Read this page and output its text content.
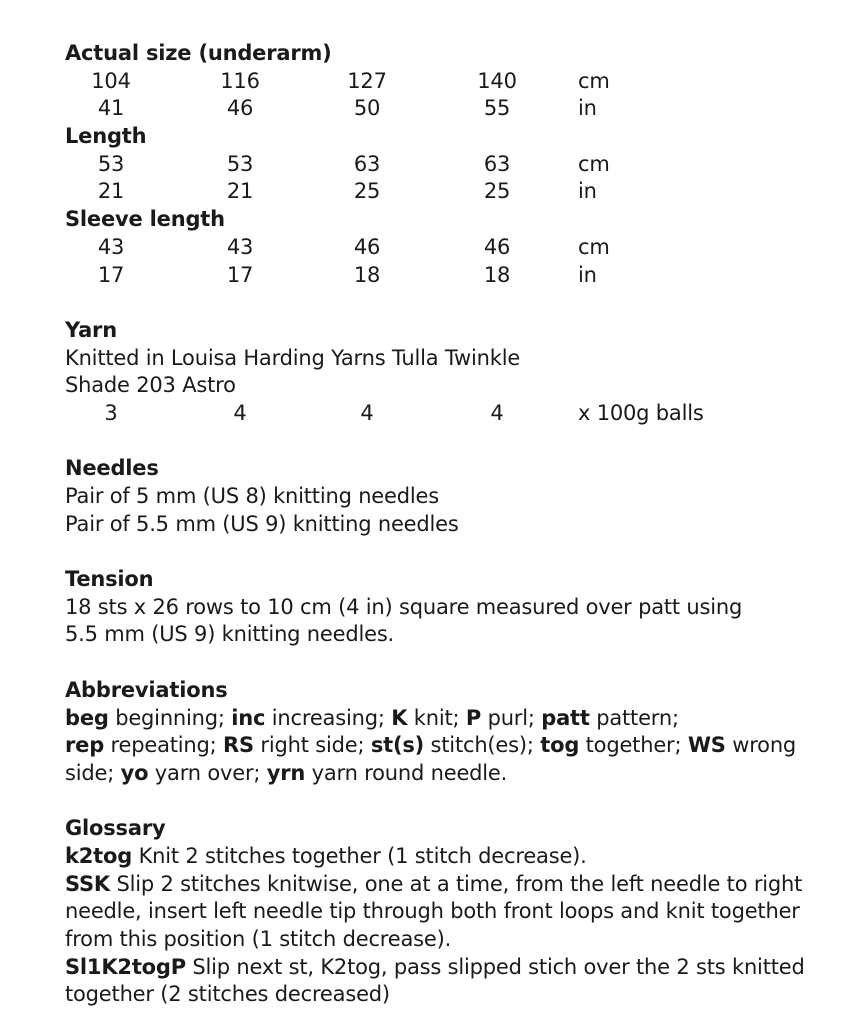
Actual size (underarm)
104	116	127	140	cm
41	46	50	55	in
Length
53	53	63	63	cm
21	21	25	25	in
Sleeve length
43	43	46	46	cm
17	17	18	18	in
Yarn
Knitted in Louisa Harding Yarns Tulla Twinkle
Shade 203 Astro
3	4	4	4	x 100g balls
Needles
Pair of 5 mm (US 8) knitting needles
Pair of 5.5 mm (US 9) knitting needles
Tension
18 sts x 26 rows to 10 cm (4 in) square measured over patt using
5.5 mm (US 9) knitting needles.
Abbreviations
beg beginning; inc increasing; K knit; P purl; patt pattern;
rep repeating; RS right side; st(s) stitch(es); tog together; WS wrong
side; yo yarn over; yrn yarn round needle.
Glossary
k2tog Knit 2 stitches together (1 stitch decrease).
SSK Slip 2 stitches knitwise, one at a time, from the left needle to right needle, insert left needle tip through both front loops and knit together from this position (1 stitch decrease).
Sl1K2togP Slip next st, K2tog, pass slipped stich over the 2 sts knitted together (2 stitches decreased)
